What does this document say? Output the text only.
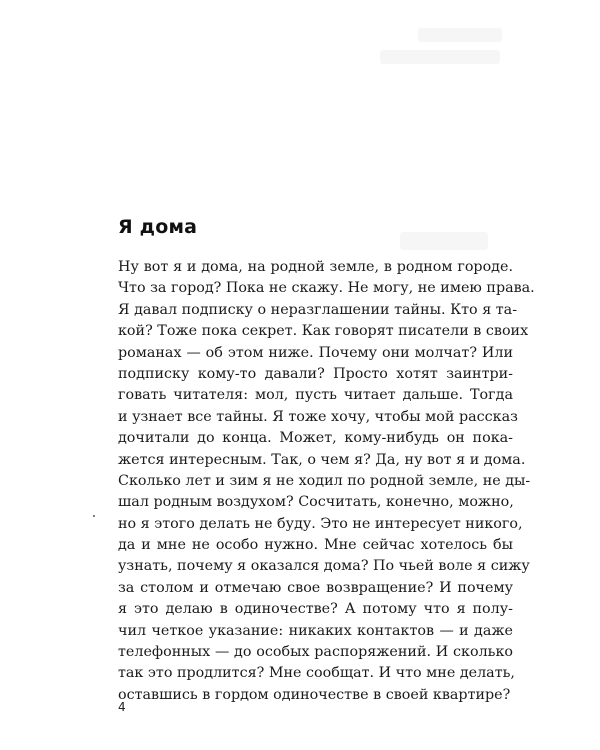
Я дома
Ну вот я и дома, на родной земле, в родном городе.
Что за город? Пока не скажу. Не могу, не имею права.
Я давал подписку о неразглашении тайны. Кто я та-
кой? Тоже пока секрет. Как говорят писатели в своих
романах — об этом ниже. Почему они молчат? Или
подписку кому-то давали? Просто хотят заинтри-
говать читателя: мол, пусть читает дальше. Тогда
и узнает все тайны. Я тоже хочу, чтобы мой рассказ
дочитали до конца. Может, кому-нибудь он пока-
жется интересным. Так, о чем я? Да, ну вот я и дома.
Сколько лет и зим я не ходил по родной земле, не ды-
шал родным воздухом? Сосчитать, конечно, можно,
но я этого делать не буду. Это не интересует никого,
да и мне не особо нужно. Мне сейчас хотелось бы
узнать, почему я оказался дома? По чьей воле я сижу
за столом и отмечаю свое возвращение? И почему
я это делаю в одиночестве? А потому что я полу-
чил четкое указание: никаких контактов — и даже
телефонных — до особых распоряжений. И сколько
так это продлится? Мне сообщат. И что мне делать,
оставшись в гордом одиночестве в своей квартире?
4
